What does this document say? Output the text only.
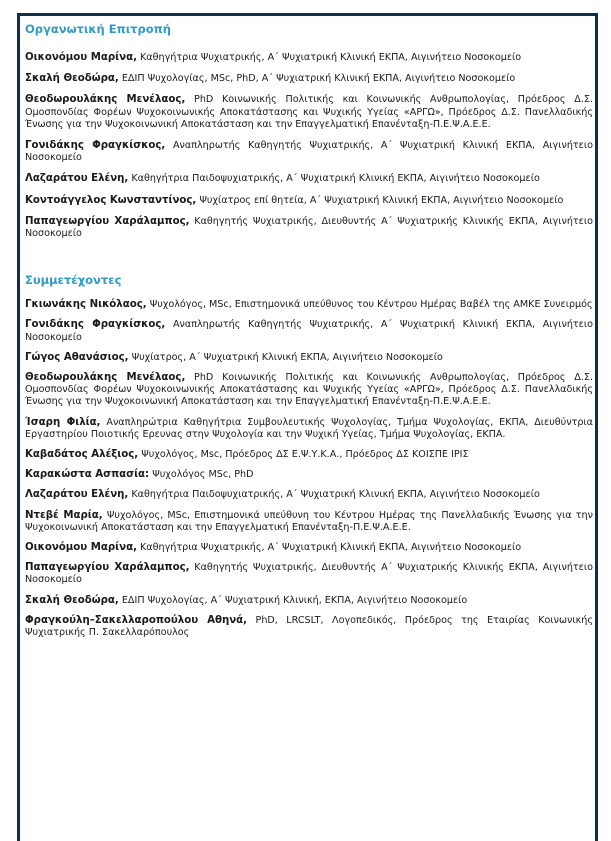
Οργανωτική Επιτροπή

Οικονόμου Μαρίνα, Καθηγήτρια Ψυχιατρικής, Α΄ Ψυχιατρική Κλινική ΕΚΠΑ, Αιγινήτειο Νοσοκομείο

Σκαλή Θεοδώρα, ΕΔΙΠ Ψυχολογίας, MSc, PhD, Α΄ Ψυχιατρική Κλινική ΕΚΠΑ, Αιγινήτειο Νοσοκομείο

Θεοδωρουλάκης Μενέλαος, PhD Κοινωνικής Πολιτικής και Κοινωνικής Ανθρωπολογίας, Πρόεδρος Δ.Σ. Ομοσπονδίας Φορέων Ψυχοκοινωνικής Αποκατάστασης και Ψυχικής Υγείας «ΑΡΓΩ», Πρόεδρος Δ.Σ. Πανελλαδικής Ένωσης για την Ψυχοκοινωνική Αποκατάσταση και την Επαγγελματική Επανένταξη-Π.Ε.Ψ.Α.Ε.Ε.

Γονιδάκης Φραγκίσκος, Αναπληρωτής Καθηγητής Ψυχιατρικής, Α΄ Ψυχιατρική Κλινική ΕΚΠΑ, Αιγινήτειο Νοσοκομείο

Λαζαράτου Ελένη, Καθηγήτρια Παιδοψυχιατρικής, Α΄ Ψυχιατρική Κλινική ΕΚΠΑ, Αιγινήτειο Νοσοκομείο

Κοντοάγγελος Κωνσταντίνος, Ψυχίατρος επί θητεία, Α΄ Ψυχιατρική Κλινική ΕΚΠΑ, Αιγινήτειο Νοσοκομείο

Παπαγεωργίου Χαράλαμπος, Καθηγητής Ψυχιατρικής, Διευθυντής Α΄ Ψυχιατρικής Κλινικής ΕΚΠΑ, Αιγινήτειο Νοσοκομείο

Συμμετέχοντες

Γκιωνάκης Νικόλαος, Ψυχολόγος, MSc, Επιστημονικά υπεύθυνος του Κέντρου Ημέρας Βαβέλ της ΑΜΚΕ Συνειρμός

Γονιδάκης Φραγκίσκος, Αναπληρωτής Καθηγητής Ψυχιατρικής, Α΄ Ψυχιατρική Κλινική ΕΚΠΑ, Αιγινήτειο Νοσοκομείο

Γώγος Αθανάσιος, Ψυχίατρος, Α΄ Ψυχιατρική Κλινική ΕΚΠΑ, Αιγινήτειο Νοσοκομείο

Θεοδωρουλάκης Μενέλαος, PhD Κοινωνικής Πολιτικής και Κοινωνικής Ανθρωπολογίας, Πρόεδρος Δ.Σ. Ομοσπονδίας Φορέων Ψυχοκοινωνικής Αποκατάστασης και Ψυχικής Υγείας «ΑΡΓΩ», Πρόεδρος Δ.Σ. Πανελλαδικής Ένωσης για την Ψυχοκοινωνική Αποκατάσταση και την Επαγγελματική Επανένταξη-Π.Ε.Ψ.Α.Ε.Ε.

Ίσαρη Φιλία, Αναπληρώτρια Καθηγήτρια Συμβουλευτικής Ψυχολογίας, Τμήμα Ψυχολογίας, ΕΚΠΑ, Διευθύντρια Εργαστηρίου Ποιοτικής Ερευνας στην Ψυχολογία και την Ψυχική Υγείας, Τμήμα Ψυχολογίας, ΕΚΠΑ.

Καβαδάτος Αλέξιος, Ψυχολόγος, Msc, Πρόεδρος ΔΣ Ε.Ψ.Υ.Κ.Α., Πρόεδρος ΔΣ ΚΟΙΣΠΕ ΙΡΙΣ

Καρακώστα Ασπασία: Ψυχολόγος MSc, PhD

Λαζαράτου Ελένη, Καθηγήτρια Παιδοψυχιατρικής, Α΄ Ψυχιατρική Κλινική ΕΚΠΑ, Αιγινήτειο Νοσοκομείο

Ντεβέ Μαρία, Ψυχολόγος, MSc, Επιστημονικά υπεύθυνη του Κέντρου Ημέρας της Πανελλαδικής Ένωσης για την Ψυχοκοινωνική Αποκατάσταση και την Επαγγελματική Επανένταξη-Π.Ε.Ψ.Α.Ε.Ε.

Οικονόμου Μαρίνα, Καθηγήτρια Ψυχιατρικής, Α΄ Ψυχιατρική Κλινική ΕΚΠΑ, Αιγινήτειο Νοσοκομείο

Παπαγεωργίου Χαράλαμπος, Καθηγητής Ψυχιατρικής, Διευθυντής Α΄ Ψυχιατρικής Κλινικής ΕΚΠΑ, Αιγινήτειο Νοσοκομείο

Σκαλή Θεοδώρα, ΕΔΙΠ Ψυχολογίας, Α΄ Ψυχιατρική Κλινική, ΕΚΠΑ, Αιγινήτειο Νοσοκομείο

Φραγκούλη–Σακελλαροπούλου Αθηνά, PhD, LRCSLT, Λογοπεδικός, Πρόεδρος της Εταιρίας Κοινωνικής Ψυχιατρικής Π. Σακελλαρόπουλος
